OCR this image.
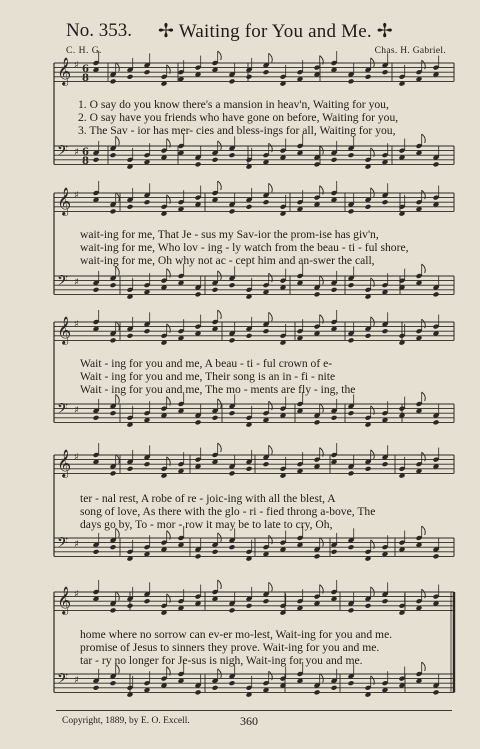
No. 353. ✢ Waiting for You and Me. ✢
C. H. G.	Chas. H. Gabriel.
𝄞 ♯ 6
8
𝄢 ♯ 6
8
𝄞 ♯
𝄢 ♯
𝄞 ♯
𝄢 ♯
𝄞 ♯
𝄢 ♯
𝄞 ♯
𝄢 ♯
1. O say do you know there's a mansion in heav'n, Waiting for you,
2. O say have you friends who have gone on before, Waiting for you,
3. The Sav - ior has mer- cies and bless-ings for all, Waiting for you,
wait-ing for me, That Je - sus my Sav-ior the prom-ise has giv'n,
wait-ing for me, Who lov - ing - ly watch from the beau - ti - ful shore,
wait-ing for me, Oh why not ac - cept him and an-swer the call,
Wait - ing for you and me, A beau - ti - ful crown of e-
Wait - ing for you and me, Their song is an in - fi - nite
Wait - ing for you and me, The mo - ments are fly - ing, the
ter - nal rest, A robe of re - joic-ing with all the blest, A
song of love, As there with the glo - ri - fied throng a-bove, The
days go by, To - mor - row it may be to late to cry, Oh,
home where no sorrow can ev-er mo-lest, Wait-ing for you and me.
promise of Jesus to sinners they prove. Wait-ing for you and me.
tar - ry no longer for Je-sus is nigh, Wait-ing for you and me.
Copyright, 1889, by E. O. Excell.	360
